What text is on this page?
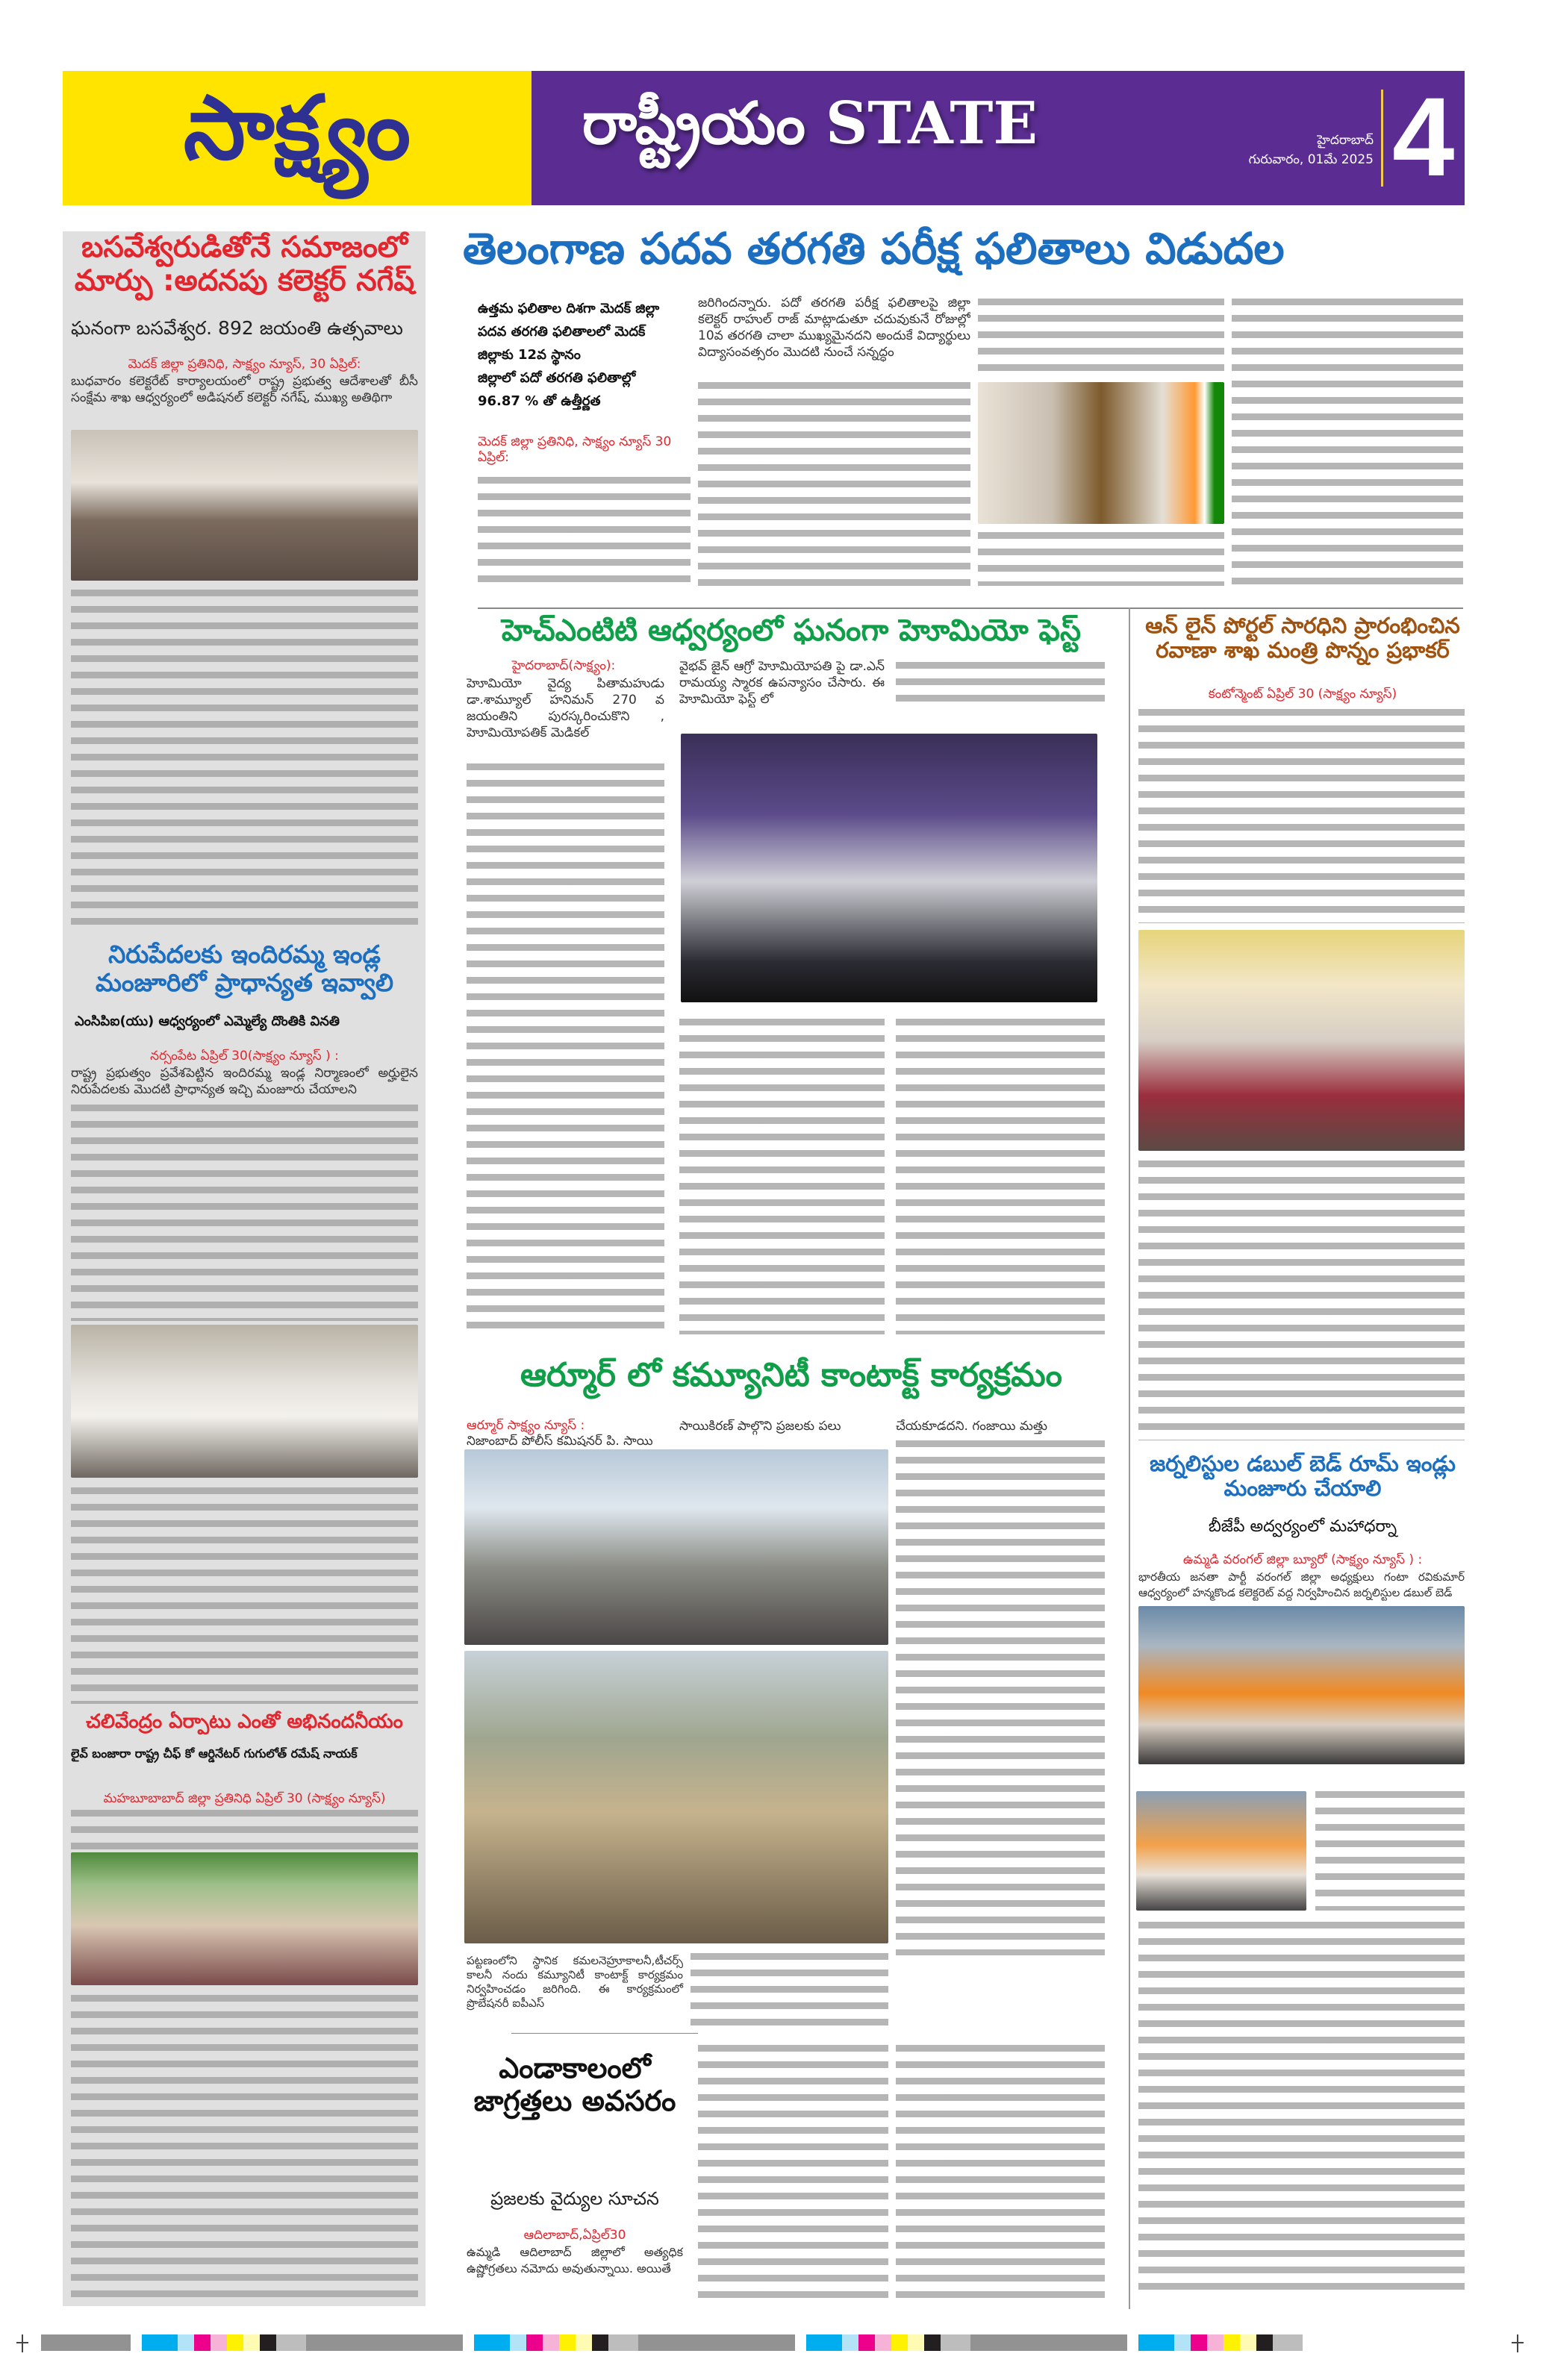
సాక్ష్యం	రాష్ట్రీయం STATE	హైదరాబాద్
గురువారం, 01మే 2025 4
బసవేశ్వరుడితోనే సమాజంలో మార్పు :అదనపు కలెక్టర్ నగేష్
ఘనంగా బసవేశ్వర. 892 జయంతి ఉత్సవాలు
మెదక్ జిల్లా ప్రతినిధి, సాక్ష్యం న్యూస్, 30 ఏప్రిల్:
బుధవారం కలెక్టరేట్ కార్యాలయంలో రాష్ట్ర ప్రభుత్వ ఆదేశాలతో బీసీ సంక్షేమ శాఖ ఆధ్వర్యంలో అడిషనల్ కలెక్టర్ నగేష్, ముఖ్య అతిథిగా
నిరుపేదలకు ఇందిరమ్మ ఇండ్ల మంజూరిలో ప్రాధాన్యత ఇవ్వాలి
ఎంసిపిఐ(యు) ఆధ్వర్యంలో ఎమ్మెల్యే దొంతికి వినతి
నర్సంపేట ఏప్రిల్ 30(సాక్ష్యం న్యూస్ ) :
రాష్ట్ర ప్రభుత్వం ప్రవేశపెట్టిన ఇందిరమ్మ ఇండ్ల నిర్మాణంలో అర్హులైన నిరుపేదలకు మొదటి ప్రాధాన్యత ఇచ్చి మంజూరు చేయాలని
చలివేంద్రం ఏర్పాటు ఎంతో అభినందనీయం
లైవ్ బంజారా రాష్ట్ర చీఫ్ కో ఆర్డినేటర్ గుగులోత్ రమేష్ నాయక్
మహబూబాబాద్ జిల్లా ప్రతినిధి ఏప్రిల్ 30 (సాక్ష్యం న్యూస్)
తెలంగాణ పదవ తరగతి పరీక్ష ఫలితాలు విడుదల
ఉత్తమ ఫలితాల దిశగా మెదక్ జిల్లా
పదవ తరగతి ఫలితాలలో మెదక్
జిల్లాకు 12వ స్థానం
జిల్లాలో పదో తరగతి ఫలితాల్లో
96.87 % తో ఉత్తీర్ణత
మెదక్ జిల్లా ప్రతినిధి, సాక్ష్యం న్యూస్ 30 ఏప్రిల్:
జరిగిందన్నారు. పదో తరగతి పరీక్ష ఫలితాలపై జిల్లా కలెక్టర్ రాహుల్ రాజ్ మాట్లాడుతూ చదువుకునే రోజుల్లో 10వ తరగతి చాలా ముఖ్యమైనదని అందుకే విద్యార్థులు విద్యాసంవత్సరం మొదటి నుంచే సన్నద్ధం
హెచ్ఎంటిటి ఆధ్వర్యంలో ఘనంగా హెూమియో ఫెస్ట్
హైదరాబాద్(సాక్ష్యం):
హెూమియో వైద్య పితామహుడు డా.శామ్యూల్ హనిమన్ 270 వ జయంతిని పురస్కరించుకొని , హెూమియోపతిక్ మెడికల్
వైభవ్ జైన్ ఆగ్రో హెూమియోపతి పై డా.ఎన్ రామయ్య స్మారక ఉపన్యాసం చేసారు. ఈ హెూమియో ఫెస్ట్ లో
ఆర్మూర్ లో కమ్యూనిటీ కాంటాక్ట్ కార్యక్రమం
ఆర్మూర్ సాక్ష్యం న్యూస్ :
నిజాంబాద్ పోలీస్ కమిషనర్ పి. సాయి
సాయికిరణ్ పాల్గొని ప్రజలకు పలు	చేయకూడదని. గంజాయి మత్తు
పట్టణంలోని స్థానిక కమలనెహ్రూకాలనీ,టీచర్స్ కాలనీ నందు కమ్యూనిటీ కాంటాక్ట్ కార్యక్రమం నిర్వహించడం జరిగింది. ఈ కార్యక్రమంలో ప్రొబేషనరీ ఐపీఎస్
ఎండాకాలంలో జాగ్రత్తలు అవసరం
ప్రజలకు వైద్యుల సూచన
ఆదిలాబాద్,ఏప్రిల్30
ఉమ్మడి ఆదిలాబాద్ జిల్లాలో అత్యధిక ఉష్ణోగ్రతలు నమోదు అవుతున్నాయి. అయితే
ఆన్ లైన్ పోర్టల్ సారధిని ప్రారంభించిన రవాణా శాఖ మంత్రి పొన్నం ప్రభాకర్
కంటోన్మెంట్ ఏప్రిల్ 30 (సాక్ష్యం న్యూస్)
జర్నలిస్టుల డబుల్ బెడ్ రూమ్ ఇండ్లు మంజూరు చేయాలి
బీజేపీ అద్వర్యంలో మహాధర్నా
ఉమ్మడి వరంగల్ జిల్లా బ్యూరో (సాక్ష్యం న్యూస్ ) :
భారతీయ జనతా పార్టీ వరంగల్ జిల్లా అధ్యక్షులు గంటా రవికుమార్ ఆధ్వర్యంలో హన్మకొండ కలెక్టరెట్ వద్ద నిర్వహించిన జర్నలిస్టుల డబుల్ బెడ్
